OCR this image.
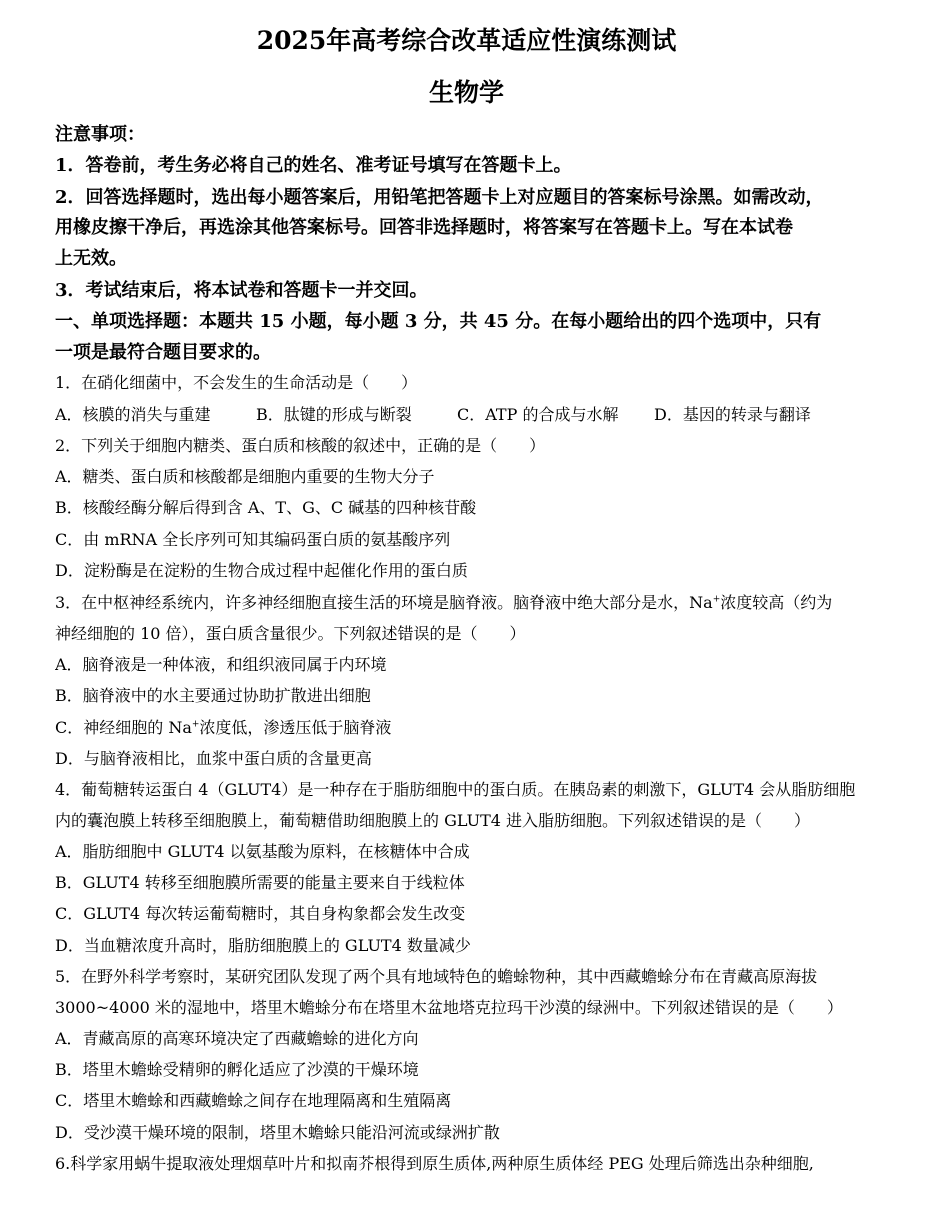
2025年高考综合改革适应性演练测试
生物学
注意事项：
1．答卷前，考生务必将自己的姓名、准考证号填写在答题卡上。
2．回答选择题时，选出每小题答案后，用铅笔把答题卡上对应题目的答案标号涂黑。如需改动，
用橡皮擦干净后，再选涂其他答案标号。回答非选择题时，将答案写在答题卡上。写在本试卷
上无效。
3．考试结束后，将本试卷和答题卡一并交回。
一、单项选择题：本题共 15 小题，每小题 3 分，共 45 分。在每小题给出的四个选项中，只有
一项是最符合题目要求的。
1．在硝化细菌中，不会发生的生命活动是（　　）
A．核膜的消失与重建	B．肽键的形成与断裂	C．ATP 的合成与水解	D．基因的转录与翻译
2．下列关于细胞内糖类、蛋白质和核酸的叙述中，正确的是（　　）
A．糖类、蛋白质和核酸都是细胞内重要的生物大分子
B．核酸经酶分解后得到含 A、T、G、C 碱基的四种核苷酸
C．由 mRNA 全长序列可知其编码蛋白质的氨基酸序列
D．淀粉酶是在淀粉的生物合成过程中起催化作用的蛋白质
3．在中枢神经系统内，许多神经细胞直接生活的环境是脑脊液。脑脊液中绝大部分是水，Na+浓度较高（约为
神经细胞的 10 倍），蛋白质含量很少。下列叙述错误的是（　　）
A．脑脊液是一种体液，和组织液同属于内环境
B．脑脊液中的水主要通过协助扩散进出细胞
C．神经细胞的 Na+浓度低，渗透压低于脑脊液
D．与脑脊液相比，血浆中蛋白质的含量更高
4．葡萄糖转运蛋白 4（GLUT4）是一种存在于脂肪细胞中的蛋白质。在胰岛素的刺激下，GLUT4 会从脂肪细胞
内的囊泡膜上转移至细胞膜上，葡萄糖借助细胞膜上的 GLUT4 进入脂肪细胞。下列叙述错误的是（　　）
A．脂肪细胞中 GLUT4 以氨基酸为原料，在核糖体中合成
B．GLUT4 转移至细胞膜所需要的能量主要来自于线粒体
C．GLUT4 每次转运葡萄糖时，其自身构象都会发生改变
D．当血糖浓度升高时，脂肪细胞膜上的 GLUT4 数量减少
5．在野外科学考察时，某研究团队发现了两个具有地域特色的蟾蜍物种，其中西藏蟾蜍分布在青藏高原海拔
3000~4000 米的湿地中，塔里木蟾蜍分布在塔里木盆地塔克拉玛干沙漠的绿洲中。下列叙述错误的是（　　）
A．青藏高原的高寒环境决定了西藏蟾蜍的进化方向
B．塔里木蟾蜍受精卵的孵化适应了沙漠的干燥环境
C．塔里木蟾蜍和西藏蟾蜍之间存在地理隔离和生殖隔离
D．受沙漠干燥环境的限制，塔里木蟾蜍只能沿河流或绿洲扩散
6.科学家用蜗牛提取液处理烟草叶片和拟南芥根得到原生质体,两种原生质体经 PEG 处理后筛选出杂种细胞,
